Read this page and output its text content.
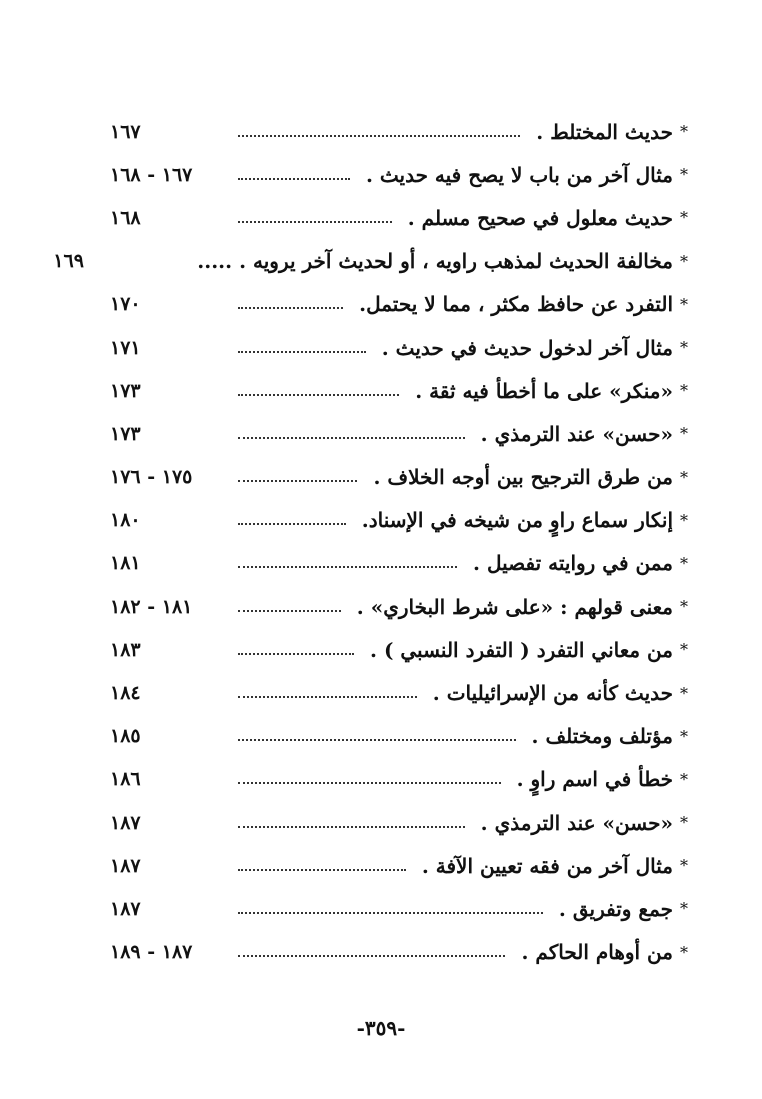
*
حديث المختلط .
١٦٧
*
مثال آخر من باب لا يصح فيه حديث .
١٦٧ - ١٦٨
*
حديث معلول في صحيح مسلم .
١٦٨
*
مخالفة الحديث لمذهب راويه ، أو لحديث آخر يرويه . .....
١٦٩
*
التفرد عن حافظ مكثر ، مما لا يحتمل.
١٧٠
*
مثال آخر لدخول حديث في حديث .
١٧١
*
«منكر» على ما أخطأ فيه ثقة .
١٧٣
*
«حسن» عند الترمذي .
١٧٣
*
من طرق الترجيح بين أوجه الخلاف .
١٧٥ - ١٧٦
*
إنكار سماع راوٍ من شيخه في الإسناد.
١٨٠
*
ممن في روايته تفصيل .
١٨١
*
معنى قولهم : «على شرط البخاري» .
١٨١ - ١٨٢
*
من معاني التفرد ( التفرد النسبي ) .
١٨٣
*
حديث كأنه من الإسرائيليات .
١٨٤
*
مؤتلف ومختلف .
١٨٥
*
خطأ في اسم راوٍ .
١٨٦
*
«حسن» عند الترمذي .
١٨٧
*
مثال آخر من فقه تعيين الآفة .
١٨٧
*
جمع وتفريق .
١٨٧
*
من أوهام الحاكم .
١٨٧ - ١٨٩
-٣٥٩-
